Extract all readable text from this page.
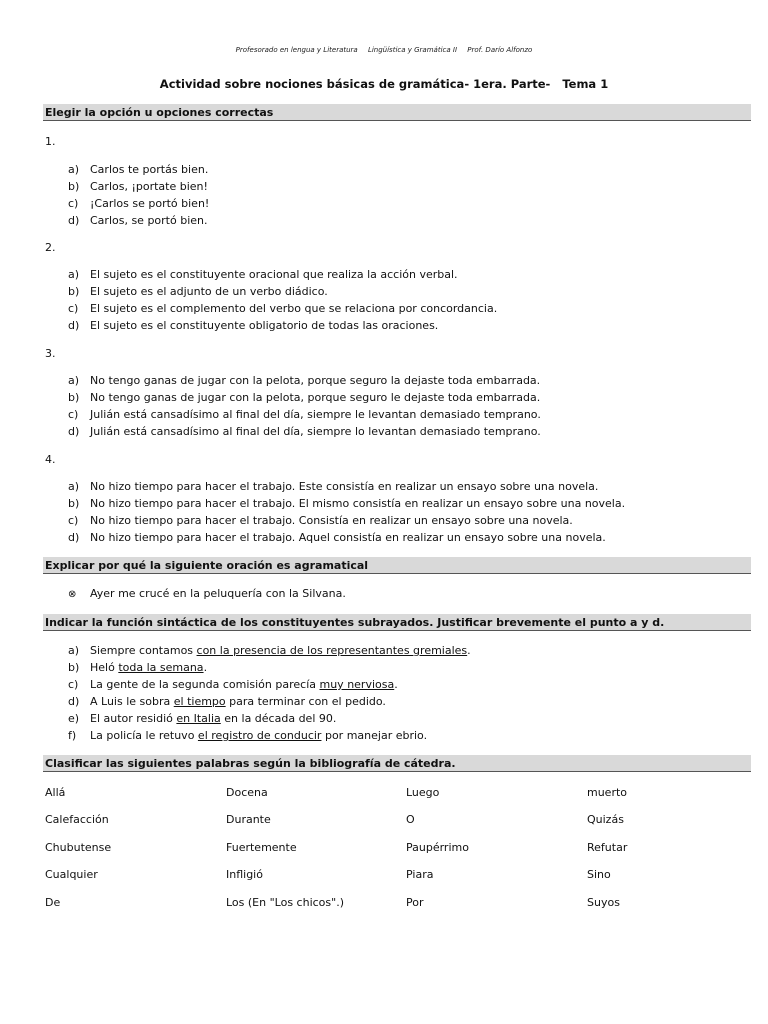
Profesorado en lengua y Literatura Lingüística y Gramática II Prof. Darío Alfonzo
Actividad sobre nociones básicas de gramática- 1era. Parte-   Tema 1
Elegir la opción u opciones correctas
1.
a) Carlos te portás bien.
b) Carlos, ¡portate bien!
c) ¡Carlos se portó bien!
d) Carlos, se portó bien.
2.
a) El sujeto es el constituyente oracional que realiza la acción verbal.
b) El sujeto es el adjunto de un verbo diádico.
c) El sujeto es el complemento del verbo que se relaciona por concordancia.
d) El sujeto es el constituyente obligatorio de todas las oraciones.
3.
a) No tengo ganas de jugar con la pelota, porque seguro la dejaste toda embarrada.
b) No tengo ganas de jugar con la pelota, porque seguro le dejaste toda embarrada.
c) Julián está cansadísimo al final del día, siempre le levantan demasiado temprano.
d) Julián está cansadísimo al final del día, siempre lo levantan demasiado temprano.
4.
a) No hizo tiempo para hacer el trabajo. Este consistía en realizar un ensayo sobre una novela.
b) No hizo tiempo para hacer el trabajo. El mismo consistía en realizar un ensayo sobre una novela.
c) No hizo tiempo para hacer el trabajo. Consistía en realizar un ensayo sobre una novela.
d) No hizo tiempo para hacer el trabajo. Aquel consistía en realizar un ensayo sobre una novela.
Explicar por qué la siguiente oración es agramatical
⊗ Ayer me crucé en la peluquería con la Silvana.
Indicar la función sintáctica de los constituyentes subrayados. Justificar brevemente el punto a y d.
a) Siempre contamos con la presencia de los representantes gremiales.
b) Heló toda la semana.
c) La gente de la segunda comisión parecía muy nerviosa.
d) A Luis le sobra el tiempo para terminar con el pedido.
e) El autor residió en Italia en la década del 90.
f) La policía le retuvo el registro de conducir por manejar ebrio.
Clasificar las siguientes palabras según la bibliografía de cátedra.
Allá	Docena	Luego	muerto
Calefacción	Durante	O	Quizás
Chubutense	Fuertemente	Paupérrimo	Refutar
Cualquier	Infligió	Piara	Sino
De	Los (En "Los chicos".)	Por	Suyos
